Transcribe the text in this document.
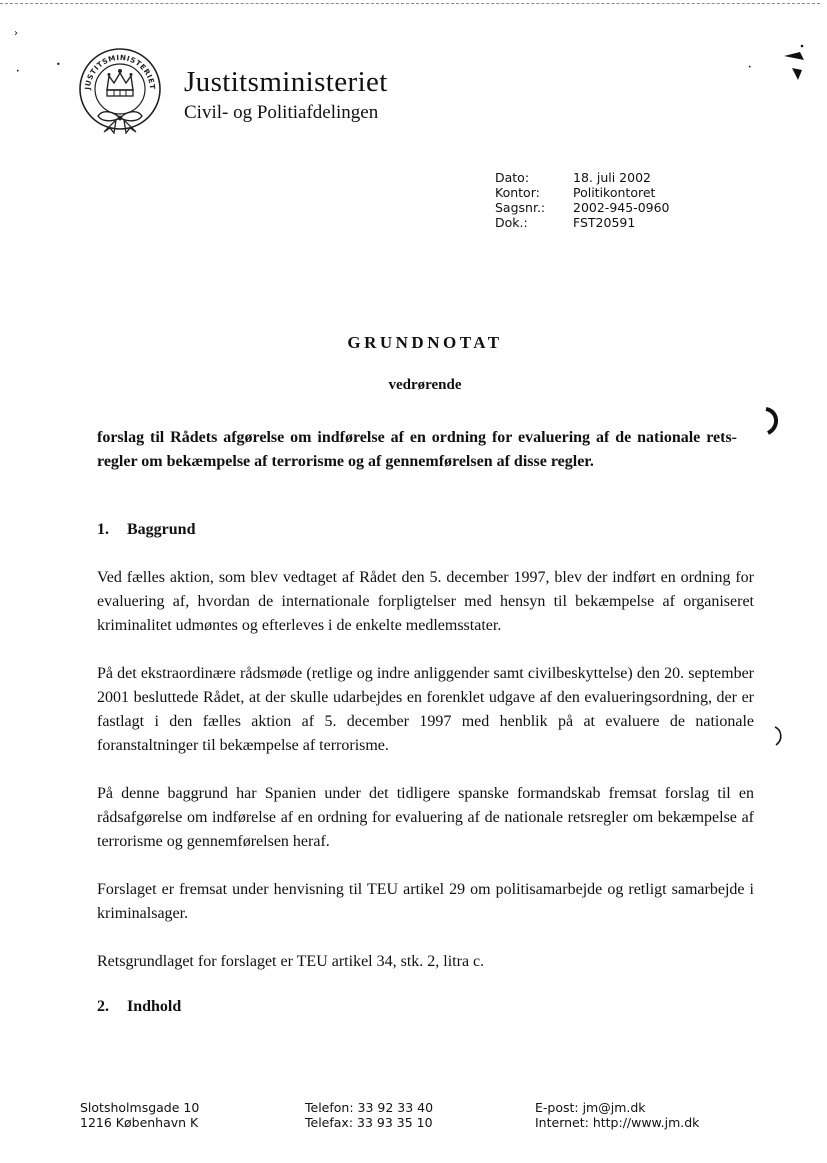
JUSTITSMINISTERIET Justitsministeriet
Civil- og Politiafdelingen
Dato:	18. juli 2002
Kontor:	Politikontoret
Sagsnr.:	2002-945-0960
Dok.:	FST20591
GRUNDNOTAT
vedrørende
forslag til Rådets afgørelse om indførelse af en ordning for evaluering af de nationale retsregler om bekæmpelse af terrorisme og af gennemførelsen af disse regler.
1. Baggrund
Ved fælles aktion, som blev vedtaget af Rådet den 5. december 1997, blev der indført en ordning for evaluering af, hvordan de internationale forpligtelser med hensyn til bekæmpelse af organiseret kriminalitet udmøntes og efterleves i de enkelte medlemsstater.
På det ekstraordinære rådsmøde (retlige og indre anliggender samt civilbeskyttelse) den 20. september 2001 besluttede Rådet, at der skulle udarbejdes en forenklet udgave af den evalueringsordning, der er fastlagt i den fælles aktion af 5. december 1997 med henblik på at evaluere de nationale foranstaltninger til bekæmpelse af terrorisme.
På denne baggrund har Spanien under det tidligere spanske formandskab fremsat forslag til en rådsafgørelse om indførelse af en ordning for evaluering af de nationale retsregler om bekæmpelse af terrorisme og gennemførelsen heraf.
Forslaget er fremsat under henvisning til TEU artikel 29 om politisamarbejde og retligt samarbejde i kriminalsager.
Retsgrundlaget for forslaget er TEU artikel 34, stk. 2, litra c.
2. Indhold
Slotsholmsgade 10
1216 København K
Telefon: 33 92 33 40
Telefax: 33 93 35 10
E-post: jm@jm.dk
Internet: http://www.jm.dk
›
•
•
•
